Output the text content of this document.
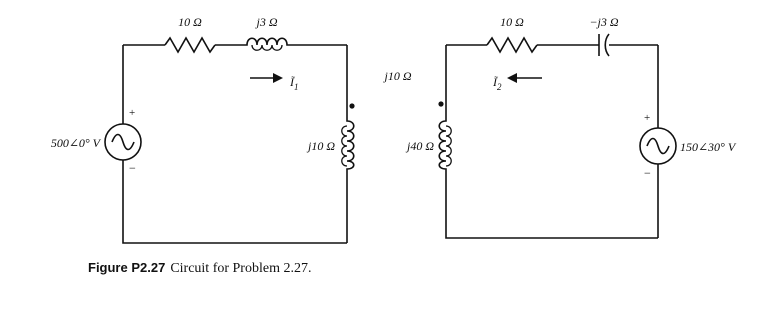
10 Ω	j3 Ω
$Ĩ_1$
+
−
500∠0° V	j10 Ω
j10 Ω
10 Ω	−j3 Ω
$Ĩ_2$
j40 Ω
+
−
150∠30° V
Figure P2.27 Circuit for Problem 2.27.
